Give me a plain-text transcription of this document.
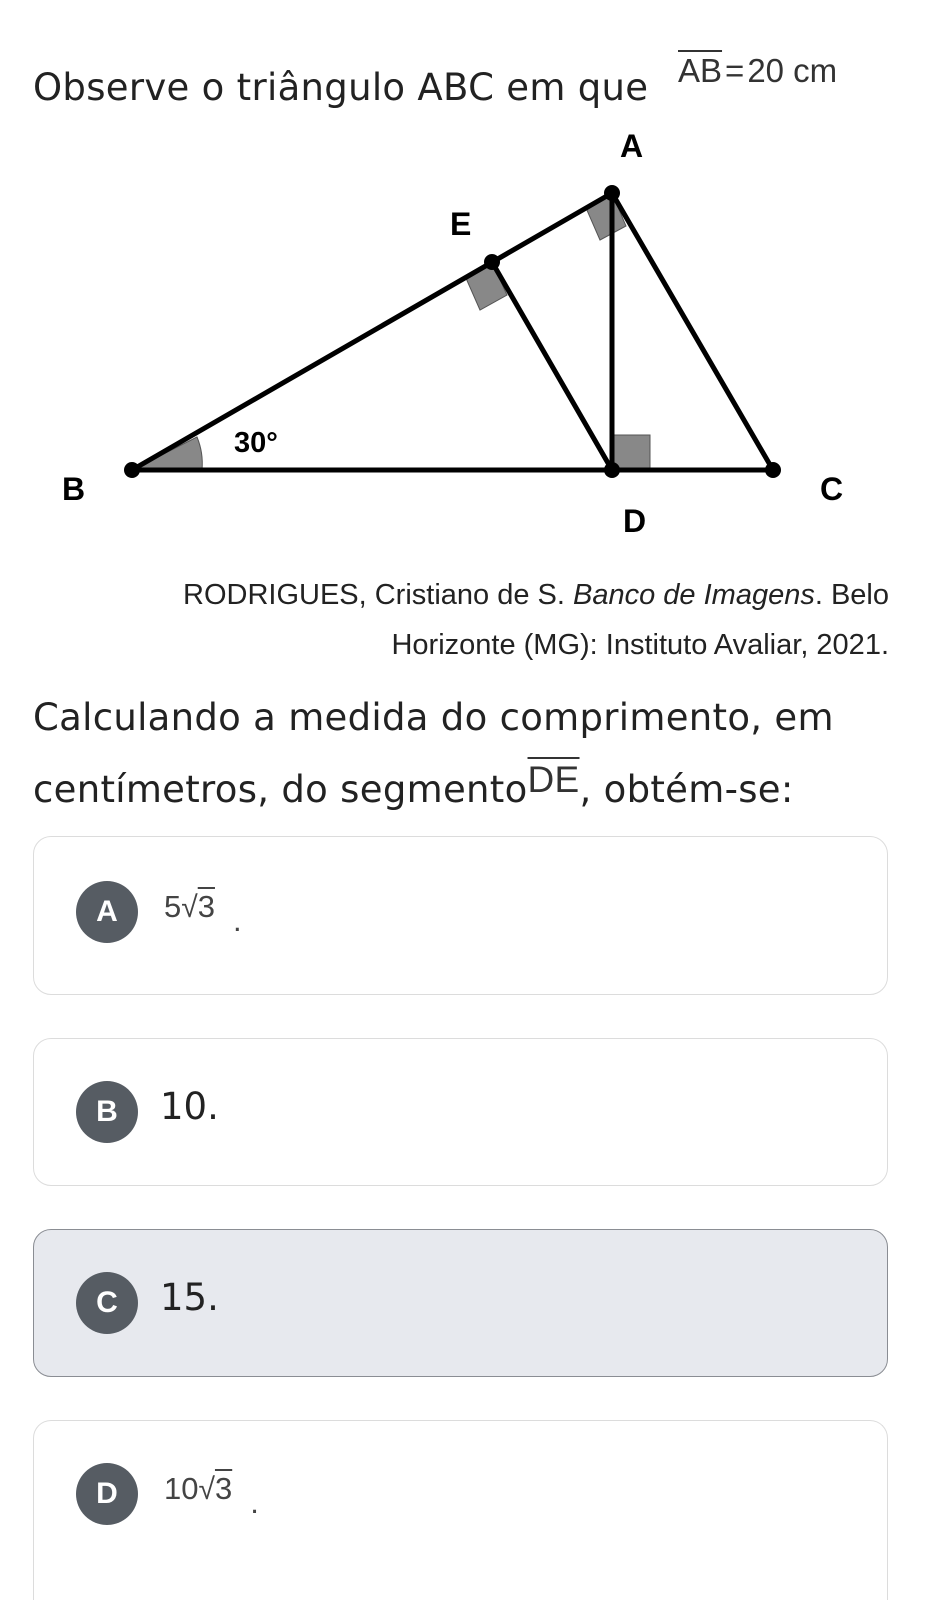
Observe o triângulo ABC em que $\overline{AB}=20$ cm
A
E
B	C
D
30°
RODRIGUES, Cristiano de S. Banco de Imagens. Belo
Horizonte (MG): Instituto Avaliar, 2021.
Calculando a medida do comprimento, em
centímetros, do $segmento\overline{DE}$, obtém-se:
A	5√3 .
B	10.
C	15.
D	10√3 .
